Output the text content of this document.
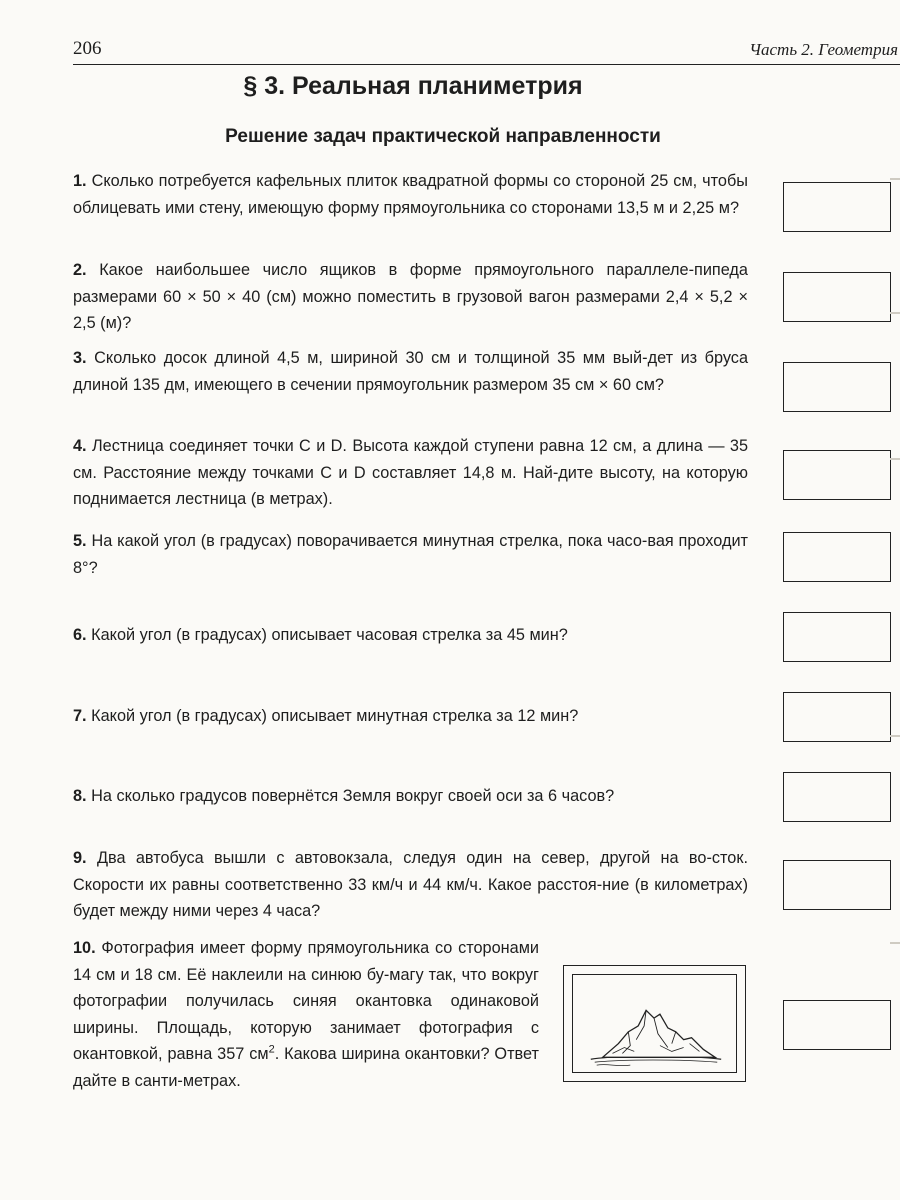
206	Часть 2. Геометрия
§ 3. Реальная планиметрия
Решение задач практической направленности
1. Сколько потребуется кафельных плиток квадратной формы со стороной 25 см, чтобы облицевать ими стену, имеющую форму прямоугольника со сторонами 13,5 м и 2,25 м?
2. Какое наибольшее число ящиков в форме прямоугольного параллеле-пипеда размерами 60 × 50 × 40 (см) можно поместить в грузовой вагон размерами 2,4 × 5,2 × 2,5 (м)?
3. Сколько досок длиной 4,5 м, шириной 30 см и толщиной 35 мм вый-дет из бруса длиной 135 дм, имеющего в сечении прямоугольник размером 35 см × 60 см?
4. Лестница соединяет точки C и D. Высота каждой ступени равна 12 см, а длина — 35 см. Расстояние между точками C и D составляет 14,8 м. Най-дите высоту, на которую поднимается лестница (в метрах).
5. На какой угол (в градусах) поворачивается минутная стрелка, пока часо-вая проходит 8°?
6. Какой угол (в градусах) описывает часовая стрелка за 45 мин?
7. Какой угол (в градусах) описывает минутная стрелка за 12 мин?
8. На сколько градусов повернётся Земля вокруг своей оси за 6 часов?
9. Два автобуса вышли с автовокзала, следуя один на север, другой на во-сток. Скорости их равны соответственно 33 км/ч и 44 км/ч. Какое расстоя-ние (в километрах) будет между ними через 4 часа?
10. Фотография имеет форму прямоугольника со сторонами 14 см и 18 см. Её наклеили на синюю бу-магу так, что вокруг фотографии получилась синяя окантовка одинаковой ширины. Площадь, которую занимает фотография с окантовкой, равна 357 $см^2$. Какова ширина окантовки? Ответ дайте в санти-метрах.
